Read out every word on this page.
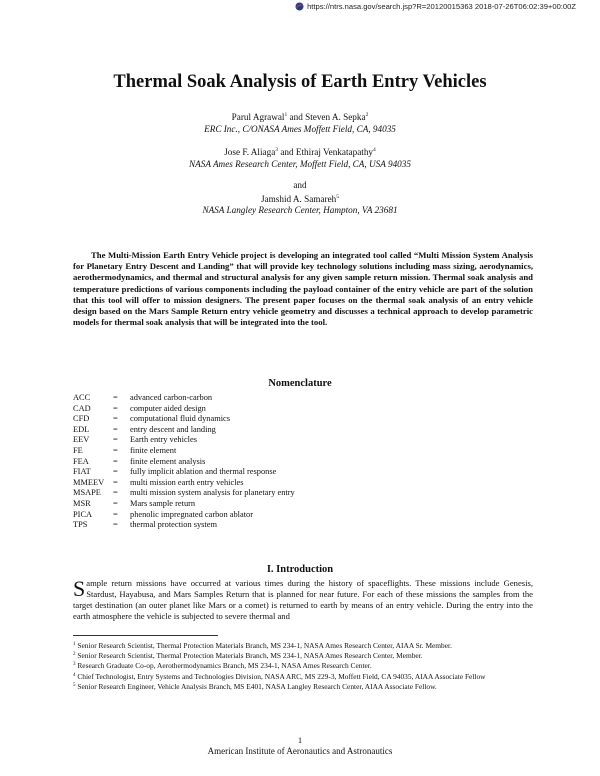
https://ntrs.nasa.gov/search.jsp?R=20120015363 2018-07-26T06:02:39+00:00Z
Thermal Soak Analysis of Earth Entry Vehicles
Parul Agrawal$^1$ and Steven A. Sepka$^2$
ERC Inc., C/ONASA Ames Moffett Field, CA, 94035
Jose F. Aliaga$^3$ and Ethiraj Venkatapathy$^4$
NASA Ames Research Center, Moffett Field, CA, USA 94035
and
Jamshid A. Samareh$^5$
NASA Langley Research Center, Hampton, VA 23681
The Multi-Mission Earth Entry Vehicle project is developing an integrated tool called “Multi Mission System Analysis for Planetary Entry Descent and Landing” that will provide key technology solutions including mass sizing, aerodynamics, aerothermodynamics, and thermal and structural analysis for any given sample return mission. Thermal soak analysis and temperature predictions of various components including the payload container of the entry vehicle are part of the solution that this tool will offer to mission designers. The present paper focuses on the thermal soak analysis of an entry vehicle design based on the Mars Sample Return entry vehicle geometry and discusses a technical approach to develop parametric models for thermal soak analysis that will be integrated into the tool.
Nomenclature
ACC	=	advanced carbon-carbon
CAD	=	computer aided design
CFD	=	computational fluid dynamics
EDL	=	entry descent and landing
EEV	=	Earth entry vehicles
FE	=	finite element
FEA	=	finite element analysis
FIAT	=	fully implicit ablation and thermal response
MMEEV	=	multi mission earth entry vehicles
MSAPE	=	multi mission system analysis for planetary entry
MSR	=	Mars sample return
PICA	=	phenolic impregnated carbon ablator
TPS	=	thermal protection system
I. Introduction
Sample return missions have occurred at various times during the history of spaceflights. These missions include Genesis, Stardust, Hayabusa, and Mars Samples Return that is planned for near future. For each of these missions the samples from the target destination (an outer planet like Mars or a comet) is returned to earth by means of an entry vehicle. During the entry into the earth atmosphere the vehicle is subjected to severe thermal and
$^1$ Senior Research Scientist, Thermal Protection Materials Branch, MS 234-1, NASA Ames Research Center, AIAA Sr. Member.
$^2$ Senior Research Scientist, Thermal Protection Materials Branch, MS 234-1, NASA Ames Research Center, Member.
$^3$ Research Graduate Co-op, Aerothermodynamics Branch, MS 234-1, NASA Ames Research Center.
$^4$ Chief Technologist, Entry Systems and Technologies Division, NASA ARC, MS 229-3, Moffett Field, CA 94035, AIAA Associate Fellow
$^5$ Senior Research Engineer, Vehicle Analysis Branch, MS E401, NASA Langley Research Center, AIAA Associate Fellow.
1
American Institute of Aeronautics and Astronautics
